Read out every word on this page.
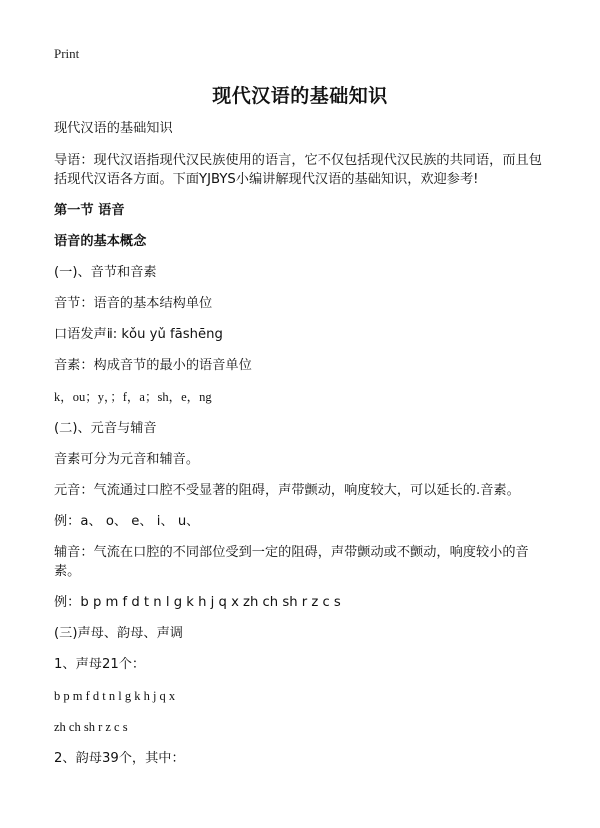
Print
现代汉语的基础知识

现代汉语的基础知识

导语：现代汉语指现代汉民族使用的语言，它不仅包括现代汉民族的共同语，而且包括现代汉语各方面。下面YJBYS小编讲解现代汉语的基础知识，欢迎参考!

第一节 语音

语音的基本概念

(一)、音节和音素

音节：语音的基本结构单位

口语发声ⅱ: kǒu yǔ fāshēng

音素：构成音节的最小的语音单位

k，ou；y，；f，a；sh，e，ng

(二)、元音与辅音

音素可分为元音和辅音。

元音：气流通过口腔不受显著的阻碍，声带颤动，响度较大，可以延长的.音素。

例：a、 o、 e、 i、 u、

辅音：气流在口腔的不同部位受到一定的阻碍，声带颤动或不颤动，响度较小的音素。

例：b p m f d t n l g k h j q x zh ch sh r z c s

(三)声母、韵母、声调

1、声母21个：

b p m f d t n l g k h j q x

zh ch sh r z c s

2、韵母39个，其中：
